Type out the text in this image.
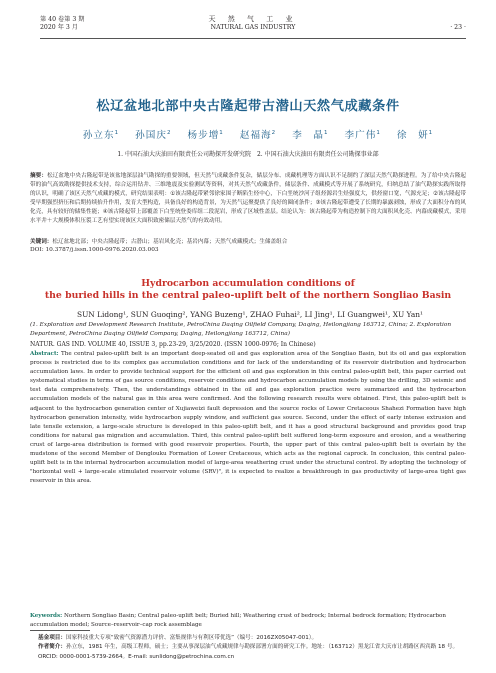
第 40 卷第 3 期
2020 年 3 月
天 然 气 工 业
NATURAL GAS INDUSTRY	· 23 ·
松辽盆地北部中央古隆起带古潜山天然气成藏条件
孙立东$^1$ 孙国庆$^2$ 杨步增$^1$ 赵福海$^2$ 李　晶$^1$ 李广伟$^1$ 徐　妍$^1$
1. 中国石油大庆油田有限责任公司勘探开发研究院　2. 中国石油大庆油田有限责任公司勘探事业部
摘要：松辽盆地中央古隆起带是该盆地深层油气勘探的重要领域，但天然气成藏条件复杂，储层分布、成藏机理等方面认识不足制约了深层天然气勘探进程。为了给中央古隆起带的油气高效勘探提供技术支持，综合运用钻井、三维地震及实验测试等资料，对其天然气成藏条件，储层条件、成藏模式等开展了系统研究，归纳总结了油气勘探实践所取得的认识，明确了该区天然气成藏的模式，研究结果表明：①该古隆起带紧邻徐家围子断陷生烃中心，下白垩统沙河子组烃源岩生烃强度大，供烃窗口宽，气源充足；②该古隆起带受早期强烈挤压和后期持续抬升作用，发育大型构造，具备良好的构造背景，为天然气运聚提供了良好的圈闭条件；③该古隆起带遭受了长期的暴露剥蚀，形成了大面积分布的风化壳，具有较好的储集性能；④该古隆起带上部覆盖下白垩统登娄库组二段泥岩，形成了区域性盖层。结论认为：该古隆起带为构造控制下的大面积风化壳、内幕成藏模式，采用水平井＋大规模体积压裂工艺有望实现该区大面积致密储层天然气的有效动用。
关键词：松辽盆地北部；中央古隆起带；古潜山；基岩风化壳；基岩内幕；天然气成藏模式；生储盖组合
DOI: 10.3787/j.issn.1000-0976.2020.03.003
Hydrocarbon accumulation conditions of
the buried hills in the central paleo-uplift belt of the northern Songliao Basin
SUN Lidong¹, SUN Guoqing², YANG Buzeng¹, ZHAO Fuhai², LI Jing¹, LI Guangwei¹, XU Yan¹
(1. Exploration and Development Research Institute, PetroChina Daqing Oilfield Company, Daqing, Heilongjiang 163712, China; 2. Exploration Department, PetroChina Daqing Oilfield Company, Daqing, Heilongjiang 163712, China)
NATUR. GAS IND. VOLUME 40, ISSUE 3, pp.23-29, 3/25/2020. (ISSN 1000-0976; In Chinese)
Abstract: The central paleo-uplift belt is an important deep-seated oil and gas exploration area of the Songliao Basin, but its oil and gas exploration process is restricted due to its complex gas accumulation conditions and for lack of the understanding of its reservoir distribution and hydrocarbon accumulation laws. In order to provide technical support for the efficient oil and gas exploration in this central paleo-uplift belt, this paper carried out systematical studies in terms of gas source conditions, reservoir conditions and hydrocarbon accumulation models by using the drilling, 3D seismic and test data comprehensively. Then, the understandings obtained in the oil and gas exploration practice were summarized and the hydrocarbon accumulation models of the natural gas in this area were confirmed. And the following research results were obtained. First, this paleo-uplift belt is adjacent to the hydrocarbon generation center of Xujiaweizi fault depression and the source rocks of Lower Cretaceous Shahezi Formation have high hydrocarbon generation intensity, wide hydrocarbon supply window, and sufficient gas source. Second, under the effect of early intense extrusion and late tensile extension, a large-scale structure is developed in this paleo-uplift belt, and it has a good structural background and provides good trap conditions for natural gas migration and accumulation. Third, this central paleo-uplift belt suffered long-term exposure and erosion, and a weathering crust of large-area distribution is formed with good reservoir properties. Fourth, the upper part of this central paleo-uplift belt is overlain by the mudstone of the second Member of Denglouku Formation of Lower Cretaceous, which acts as the regional caprock. In conclusion, this central paleo-uplift belt is in the internal hydrocarbon accumulation model of large-area weathering crust under the structural control. By adopting the technology of "horizontal well + large-scale stimulated reservoir volume (SRV)", it is expected to realize a breakthrough in gas productivity of large-area tight gas reservoir in this area.
Keywords: Northern Songliao Basin; Central paleo-uplift belt; Buried hill; Weathering crust of bedrock; Internal bedrock formation; Hydrocarbon accumulation model; Source–reservoir–cap rock assemblage
基金项目：国家科技重大专项“致密气资源潜力评价、富集规律与有利区带优选”（编号：2016ZX05047-001）。
作者简介：孙立东，1981 年生，高级工程师，硕士；主要从事深层油气成藏规律与勘探部署方面的研究工作。地址：（163712）黑龙江省大庆市让胡路区西宾路 18 号。ORCID: 0000-0001-5739-2664。E-mail: sunlidong@petrochina.com.cn
